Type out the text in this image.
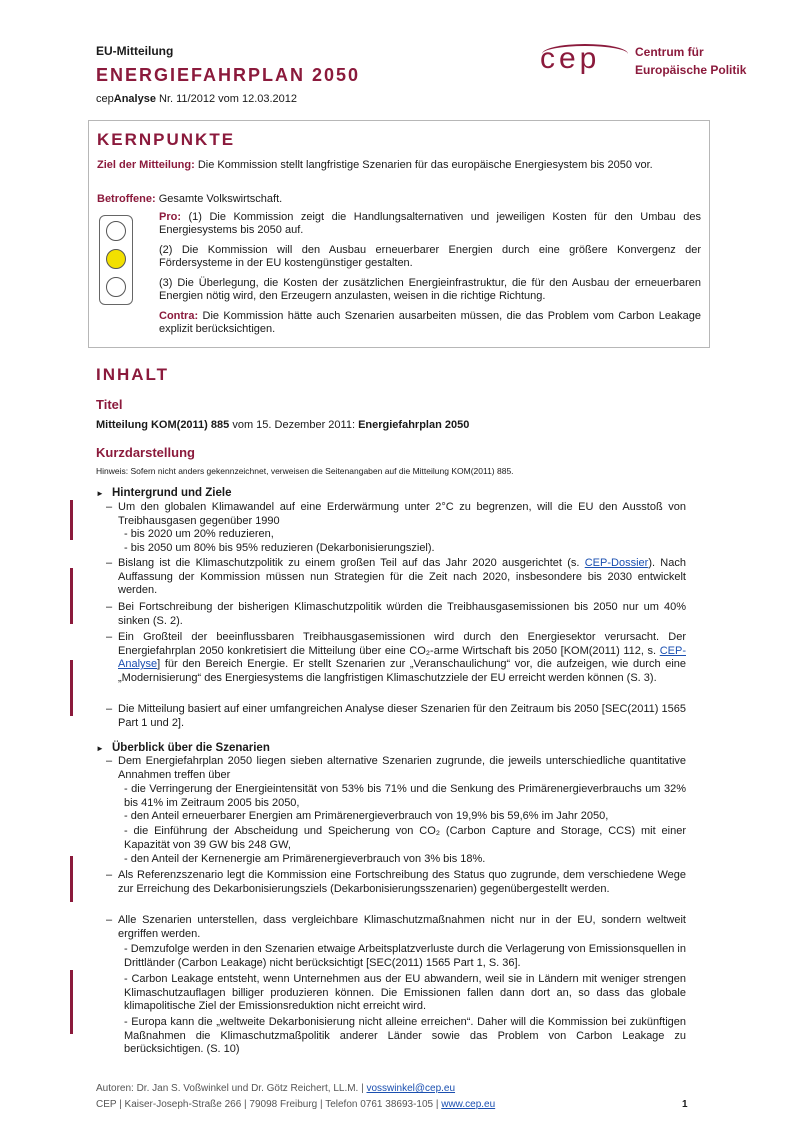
EU-Mitteilung
ENERGIEFAHRPLAN 2050
cepAnalyse Nr. 11/2012 vom 12.03.2012
cep	Centrum für
Europäische Politik
KERNPUNKTE
Ziel der Mitteilung: Die Kommission stellt langfristige Szenarien für das europäische Energiesystem bis 2050 vor.
Betroffene: Gesamte Volkswirtschaft.
Pro: (1) Die Kommission zeigt die Handlungsalternativen und jeweiligen Kosten für den Umbau des Energiesystems bis 2050 auf.
(2) Die Kommission will den Ausbau erneuerbarer Energien durch eine größere Konvergenz der Fördersysteme in der EU kostengünstiger gestalten.
(3) Die Überlegung, die Kosten der zusätzlichen Energieinfrastruktur, die für den Ausbau der erneuerbaren Energien nötig wird, den Erzeugern anzulasten, weisen in die richtige Richtung.
Contra: Die Kommission hätte auch Szenarien ausarbeiten müssen, die das Problem vom Carbon Leakage explizit berücksichtigen.
INHALT
Titel
Mitteilung KOM(2011) 885 vom 15. Dezember 2011: Energiefahrplan 2050
Kurzdarstellung
Hinweis: Sofern nicht anders gekennzeichnet, verweisen die Seitenangaben auf die Mitteilung KOM(2011) 885.
► Hintergrund und Ziele
– Um den globalen Klimawandel auf eine Erderwärmung unter 2°C zu begrenzen, will die EU den Ausstoß von Treibhausgasen gegenüber 1990
- bis 2020 um 20% reduzieren,
- bis 2050 um 80% bis 95% reduzieren (Dekarbonisierungsziel).
– Bislang ist die Klimaschutzpolitik zu einem großen Teil auf das Jahr 2020 ausgerichtet (s. CEP-Dossier). Nach Auffassung der Kommission müssen nun Strategien für die Zeit nach 2020, insbesondere bis 2030 entwickelt werden.
– Bei Fortschreibung der bisherigen Klimaschutzpolitik würden die Treibhausgasemissionen bis 2050 nur um 40% sinken (S. 2).
– Ein Großteil der beeinflussbaren Treibhausgasemissionen wird durch den Energiesektor verursacht. Der Energiefahrplan 2050 konkretisiert die Mitteilung über eine CO₂-arme Wirtschaft bis 2050 [KOM(2011) 112, s. CEP-Analyse] für den Bereich Energie. Er stellt Szenarien zur „Veranschaulichung“ vor, die aufzeigen, wie durch eine „Modernisierung“ des Energiesystems die langfristigen Klimaschutzziele der EU erreicht werden können (S. 3).
– Die Mitteilung basiert auf einer umfangreichen Analyse dieser Szenarien für den Zeitraum bis 2050 [SEC(2011) 1565 Part 1 und 2].
► Überblick über die Szenarien
– Dem Energiefahrplan 2050 liegen sieben alternative Szenarien zugrunde, die jeweils unterschiedliche quantitative Annahmen treffen über
- die Verringerung der Energieintensität von 53% bis 71% und die Senkung des Primärenergieverbrauchs um 32% bis 41% im Zeitraum 2005 bis 2050,
- den Anteil erneuerbarer Energien am Primärenergieverbrauch von 19,9% bis 59,6% im Jahr 2050,
- die Einführung der Abscheidung und Speicherung von CO₂ (Carbon Capture and Storage, CCS) mit einer Kapazität von 39 GW bis 248 GW,
- den Anteil der Kernenergie am Primärenergieverbrauch von 3% bis 18%.
– Als Referenzszenario legt die Kommission eine Fortschreibung des Status quo zugrunde, dem verschiedene Wege zur Erreichung des Dekarbonisierungsziels (Dekarbonisierungsszenarien) gegenübergestellt werden.
– Alle Szenarien unterstellen, dass vergleichbare Klimaschutzmaßnahmen nicht nur in der EU, sondern weltweit ergriffen werden.
- Demzufolge werden in den Szenarien etwaige Arbeitsplatzverluste durch die Verlagerung von Emissionsquellen in Drittländer (Carbon Leakage) nicht berücksichtigt [SEC(2011) 1565 Part 1, S. 36].
- Carbon Leakage entsteht, wenn Unternehmen aus der EU abwandern, weil sie in Ländern mit weniger strengen Klimaschutzauflagen billiger produzieren können. Die Emissionen fallen dann dort an, so dass das globale klimapolitische Ziel der Emissionsreduktion nicht erreicht wird.
- Europa kann die „weltweite Dekarbonisierung nicht alleine erreichen“. Daher will die Kommission bei zukünftigen Maßnahmen die Klimaschutzmaßpolitik anderer Länder sowie das Problem von Carbon Leakage zu berücksichtigen. (S. 10)
Autoren: Dr. Jan S. Voßwinkel und Dr. Götz Reichert, LL.M. | vosswinkel@cep.eu
CEP | Kaiser-Joseph-Straße 266 | 79098 Freiburg | Telefon 0761 38693-105 | www.cep.eu	1
